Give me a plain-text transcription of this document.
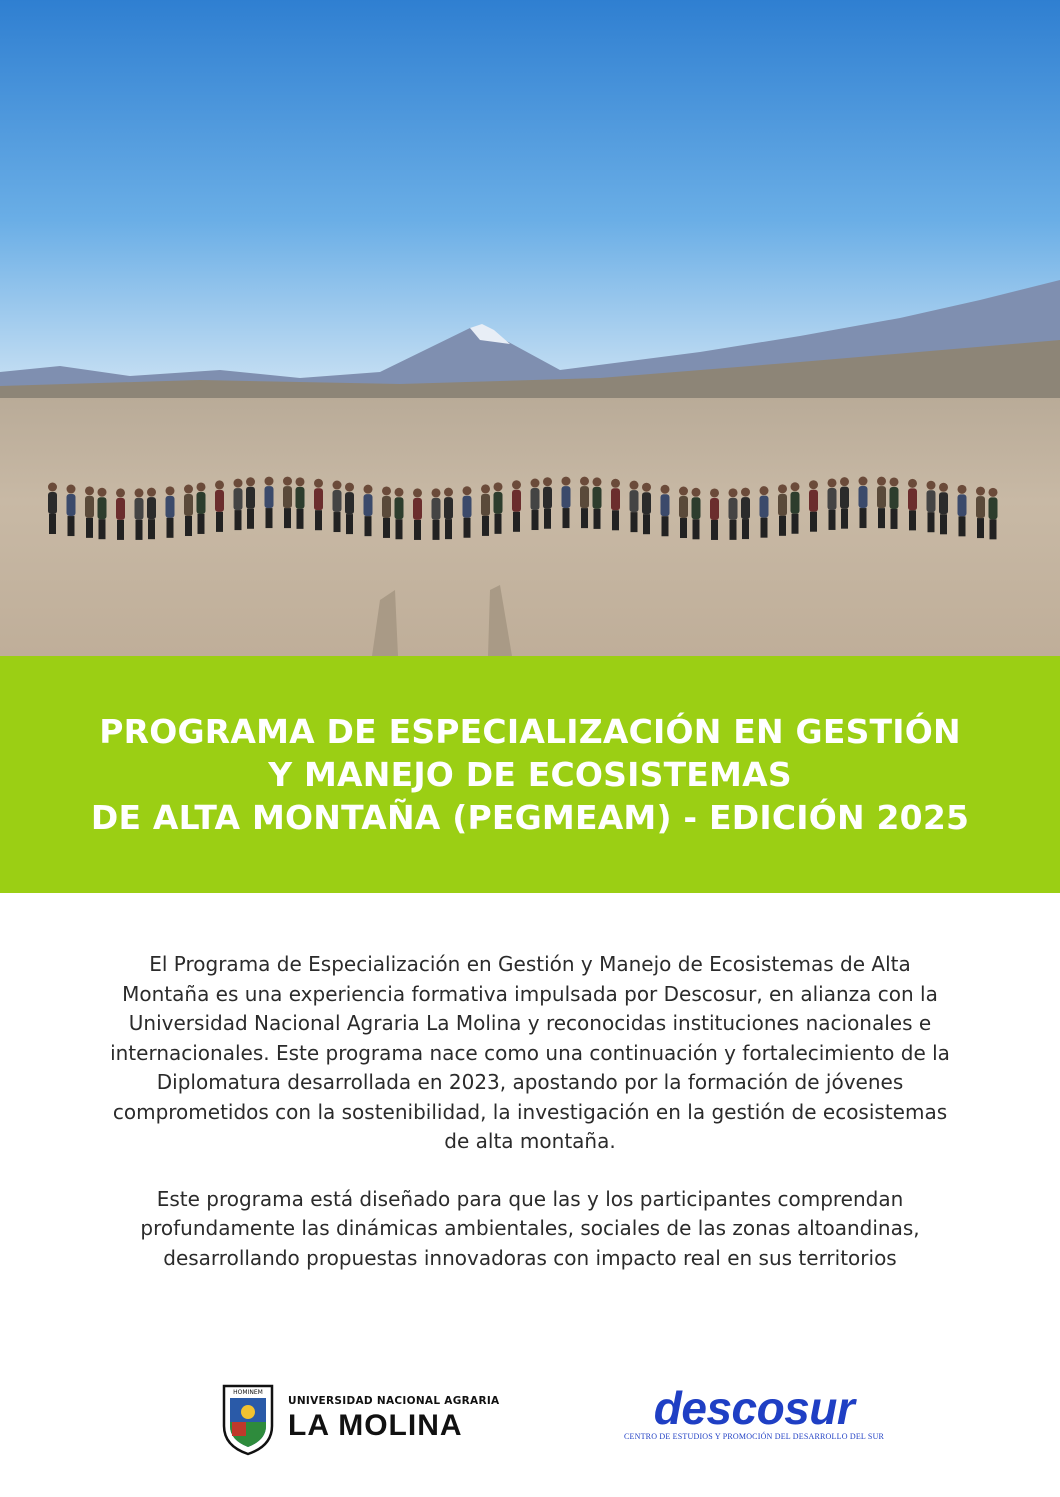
PROGRAMA DE ESPECIALIZACIÓN EN GESTIÓN
Y MANEJO DE ECOSISTEMAS
DE ALTA MONTAÑA (PEGMEAM) - EDICIÓN 2025

El Programa de Especialización en Gestión y Manejo de Ecosistemas de Alta
Montaña es una experiencia formativa impulsada por Descosur, en alianza con la
Universidad Nacional Agraria La Molina y reconocidas instituciones nacionales e
internacionales. Este programa nace como una continuación y fortalecimiento de la
Diplomatura desarrollada en 2023, apostando por la formación de jóvenes
comprometidos con la sostenibilidad, la investigación en la gestión de ecosistemas
de alta montaña.

Este programa está diseñado para que las y los participantes comprendan
profundamente las dinámicas ambientales, sociales de las zonas altoandinas,
desarrollando propuestas innovadoras con impacto real en sus territorios

HOMINEM
UNIVERSIDAD NACIONAL AGRARIA
LA MOLINA	descosur
CENTRO DE ESTUDIOS Y PROMOCIÓN DEL DESARROLLO DEL SUR
